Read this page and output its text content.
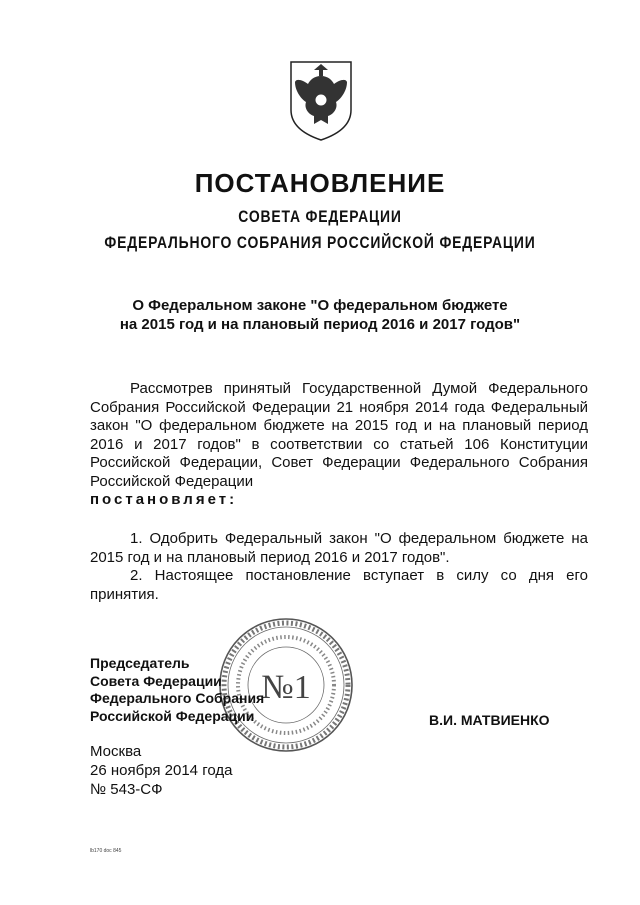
ПОСТАНОВЛЕНИЕ
СОВЕТА ФЕДЕРАЦИИ
ФЕДЕРАЛЬНОГО СОБРАНИЯ РОССИЙСКОЙ ФЕДЕРАЦИИ
О Федеральном законе "О федеральном бюджете
на 2015 год и на плановый период 2016 и 2017 годов"

Рассмотрев принятый Государственной Думой Федерального Собрания Российской Федерации 21 ноября 2014 года Федеральный закон "О федеральном бюджете на 2015 год и на плановый период 2016 и 2017 годов" в соответствии со статьей 106 Конституции Российской Федерации, Совет Федерации Федерального Собрания Российской Федерации
постановляет:

1. Одобрить Федеральный закон "О федеральном бюджете на 2015 год и на плановый период 2016 и 2017 годов".

2. Настоящее постановление вступает в силу со дня его принятия.

№1
Председатель
Совета Федерации
Федерального Собрания
Российской Федерации	В.И. МАТВИЕНКО
Москва
26 ноября 2014 года
№ 543-СФ
lb170 doc 845
